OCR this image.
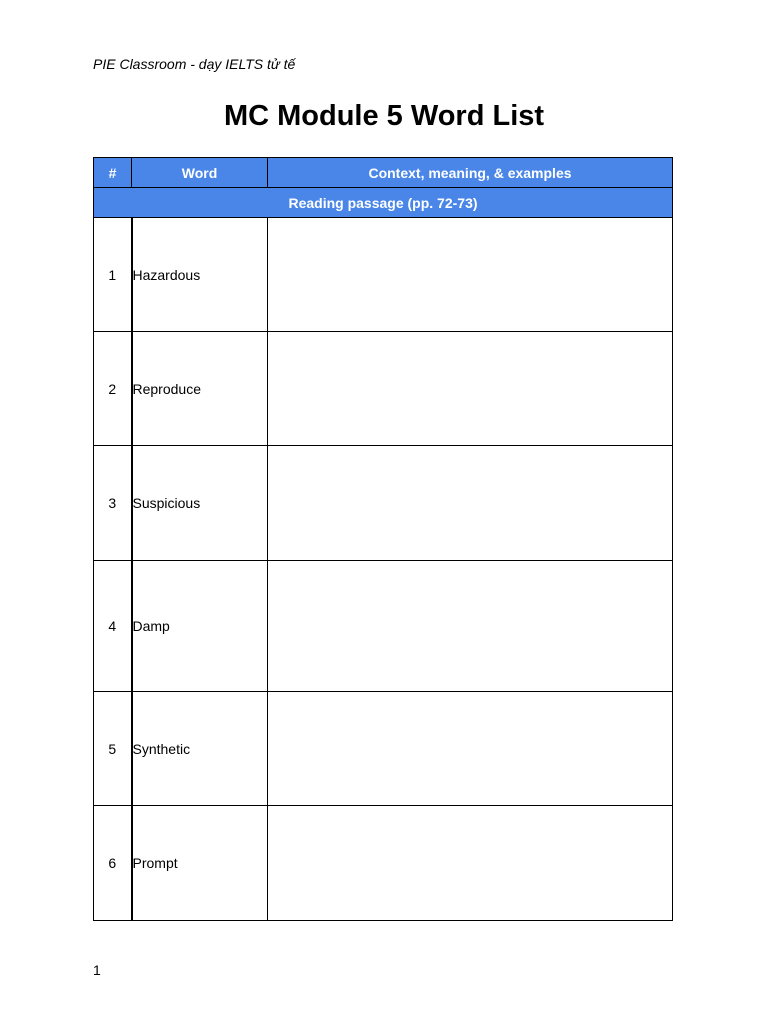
PIE Classroom - dạy IELTS tử tế
MC Module 5 Word List
#	Word	Context, meaning, & examples
Reading passage (pp. 72-73)		
1	Hazardous	
2	Reproduce	
3	Suspicious	
4	Damp	
5	Synthetic	
6	Prompt	
1
